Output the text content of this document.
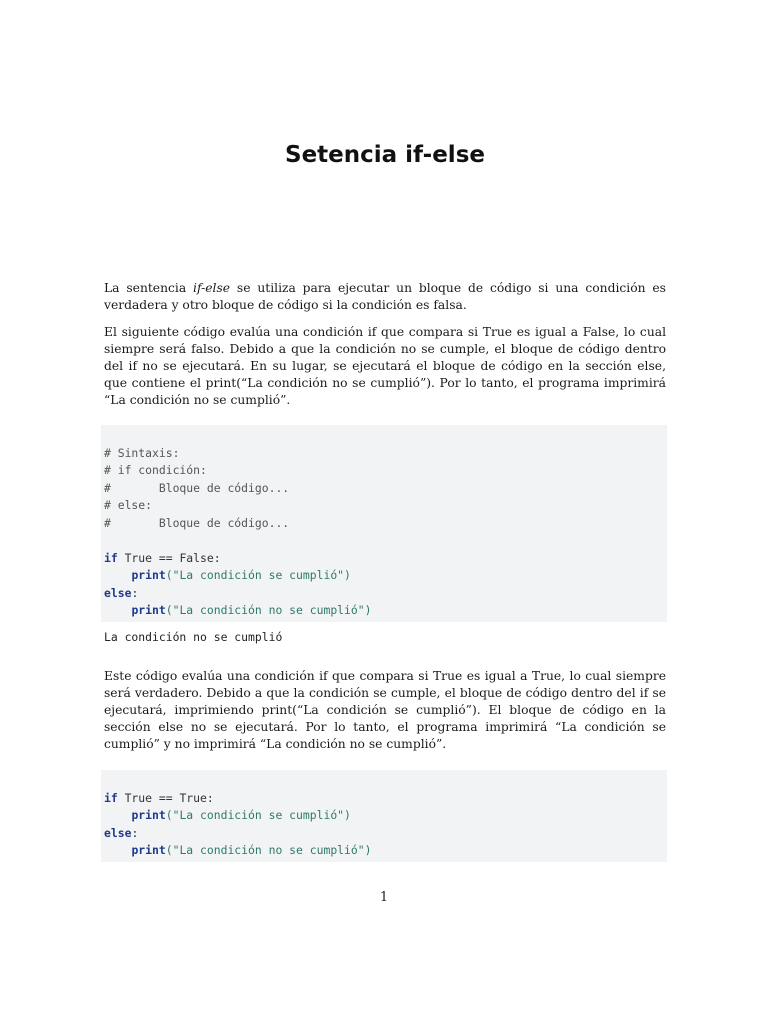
Setencia if-else

La sentencia if-else se utiliza para ejecutar un bloque de código si una condición es verdadera y otro bloque de código si la condición es falsa.

El siguiente código evalúa una condición if que compara si True es igual a False, lo cual siempre será falso. Debido a que la condición no se cumple, el bloque de código dentro del if no se ejecutará. En su lugar, se ejecutará el bloque de código en la sección else, que contiene el print(“La condición no se cumplió”). Por lo tanto, el programa imprimirá “La condición no se cumplió”.

# Sintaxis:
# if condición:
#       Bloque de código...
# else:
#       Bloque de código...
if True == False:
print("La condición se cumplió")
else:
print("La condición no se cumplió")
La condición no se cumplió

Este código evalúa una condición if que compara si True es igual a True, lo cual siempre será verdadero. Debido a que la condición se cumple, el bloque de código dentro del if se ejecutará, imprimiendo print(“La condición se cumplió”). El bloque de código en la sección else no se ejecutará. Por lo tanto, el programa imprimirá “La condición se cumplió” y no imprimirá “La condición no se cumplió”.

if True == True:
print("La condición se cumplió")
else:
print("La condición no se cumplió")
1
